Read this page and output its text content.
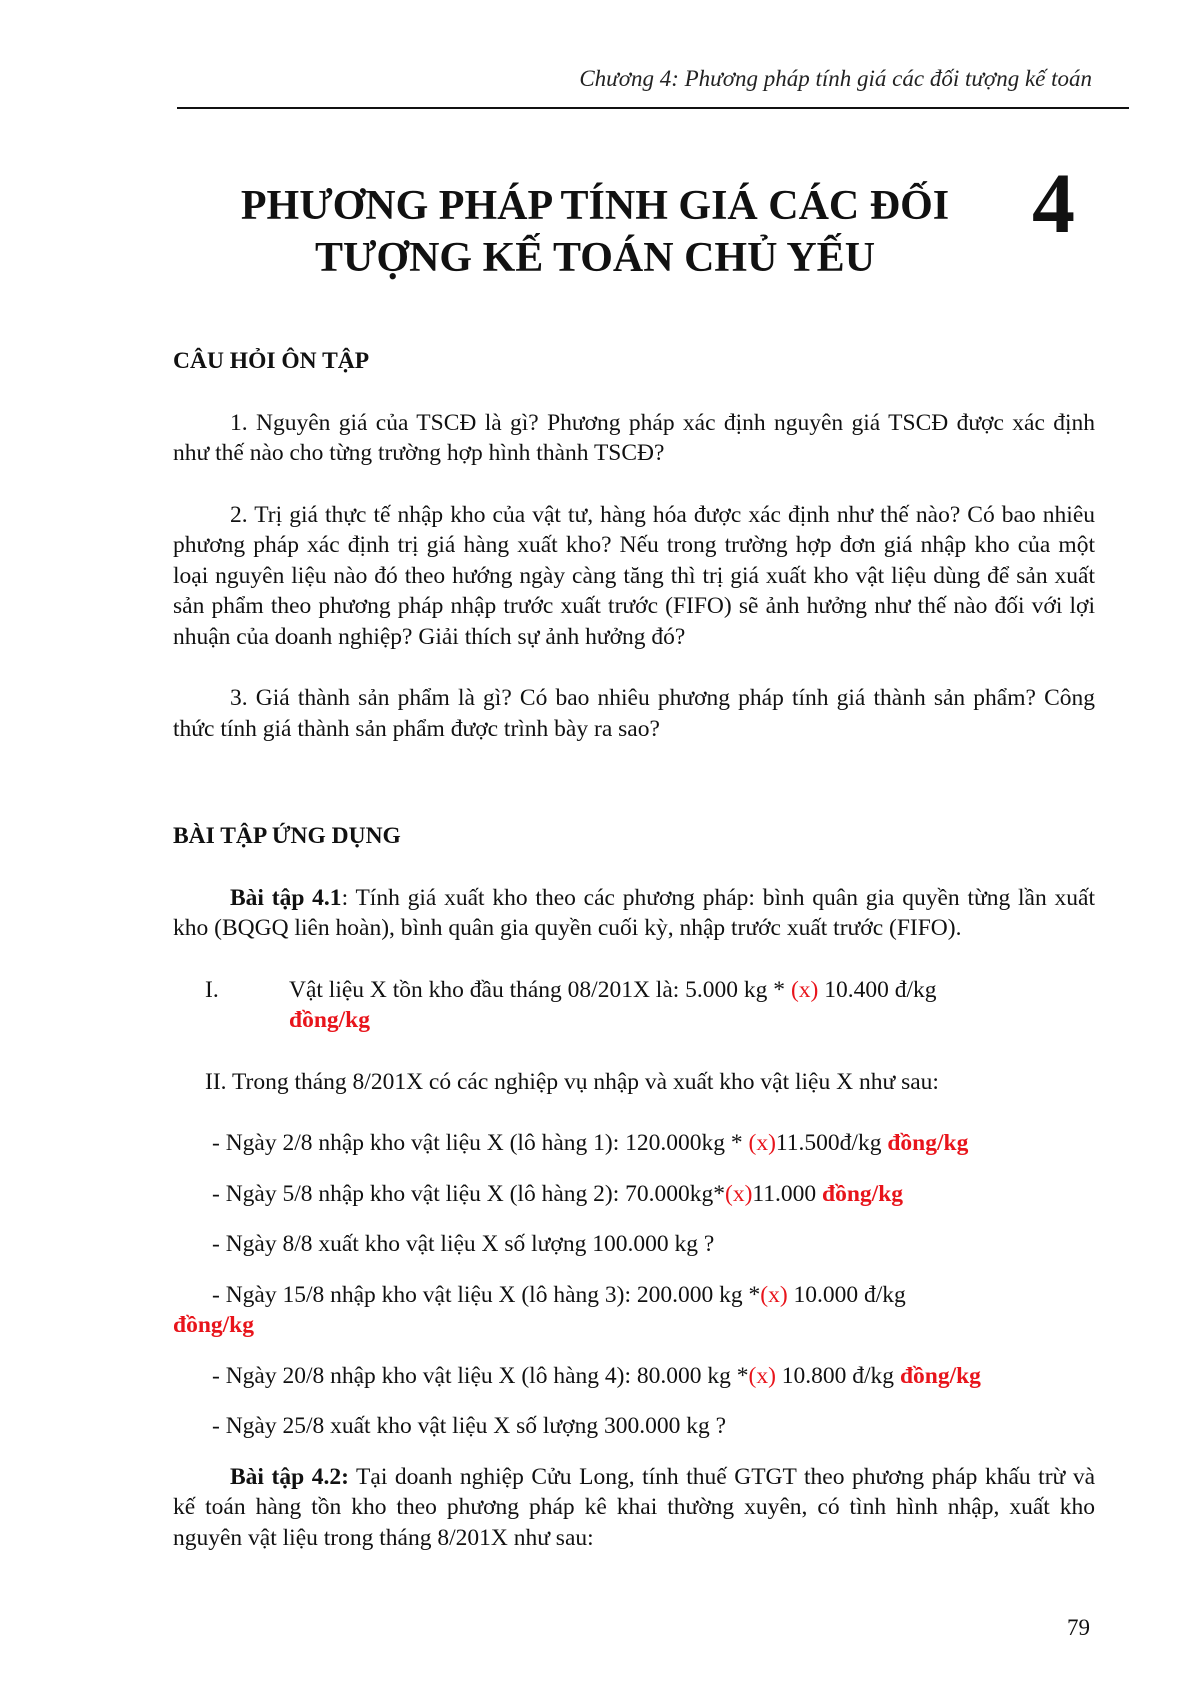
Chương 4: Phương pháp tính giá các đối tượng kế toán
PHƯƠNG PHÁP TÍNH GIÁ CÁC ĐỐI
TƯỢNG KẾ TOÁN CHỦ YẾU
4

CÂU HỎI ÔN TẬP

1. Nguyên giá của TSCĐ là gì? Phương pháp xác định nguyên giá TSCĐ được xác định như thế nào cho từng trường hợp hình thành TSCĐ?

2. Trị giá thực tế nhập kho của vật tư, hàng hóa được xác định như thế nào? Có bao nhiêu phương pháp xác định trị giá hàng xuất kho? Nếu trong trường hợp đơn giá nhập kho của một loại nguyên liệu nào đó theo hướng ngày càng tăng thì trị giá xuất kho vật liệu dùng để sản xuất sản phẩm theo phương pháp nhập trước xuất trước (FIFO) sẽ ảnh hưởng như thế nào đối với lợi nhuận của doanh nghiệp? Giải thích sự ảnh hưởng đó?

3. Giá thành sản phẩm là gì? Có bao nhiêu phương pháp tính giá thành sản phẩm? Công thức tính giá thành sản phẩm được trình bày ra sao?

BÀI TẬP ỨNG DỤNG

Bài tập 4.1: Tính giá xuất kho theo các phương pháp: bình quân gia quyền từng lần xuất kho (BQGQ liên hoàn), bình quân gia quyền cuối kỳ, nhập trước xuất trước (FIFO).

I.	Vật liệu X tồn kho đầu tháng 08/201X là: 5.000 kg * (x) 10.400 đ/kg
đồng/kg

II. Trong tháng 8/201X có các nghiệp vụ nhập và xuất kho vật liệu X như sau:

- Ngày 2/8 nhập kho vật liệu X (lô hàng 1): 120.000kg * (x)11.500đ/kg đồng/kg

- Ngày 5/8 nhập kho vật liệu X (lô hàng 2): 70.000kg*(x)11.000 đồng/kg

- Ngày 8/8 xuất kho vật liệu X số lượng 100.000 kg ?

- Ngày 15/8 nhập kho vật liệu X (lô hàng 3): 200.000 kg *(x) 10.000 đ/kg

đồng/kg

- Ngày 20/8 nhập kho vật liệu X (lô hàng 4): 80.000 kg *(x) 10.800 đ/kg đồng/kg

- Ngày 25/8 xuất kho vật liệu X số lượng 300.000 kg ?

Bài tập 4.2: Tại doanh nghiệp Cửu Long, tính thuế GTGT theo phương pháp khấu trừ và kế toán hàng tồn kho theo phương pháp kê khai thường xuyên, có tình hình nhập, xuất kho nguyên vật liệu trong tháng 8/201X như sau:

79
